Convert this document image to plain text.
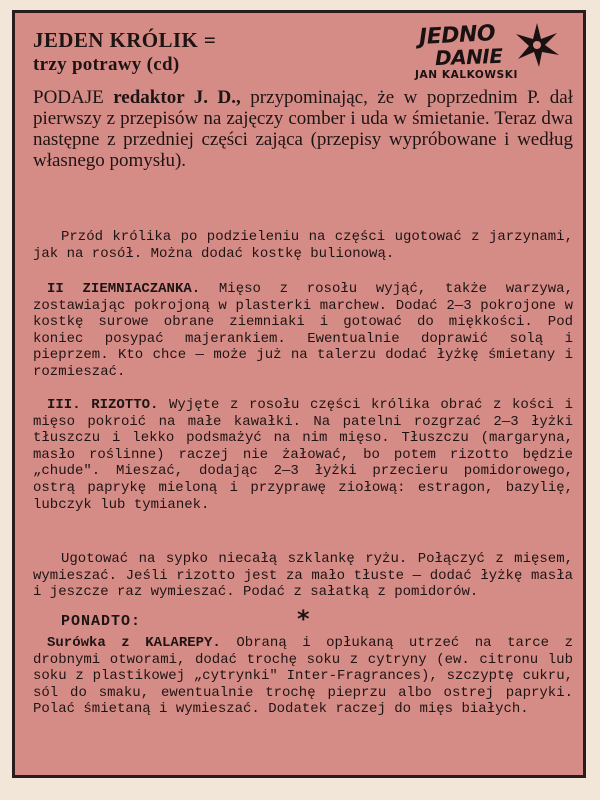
JEDEN KRÓLIK =
trzy potrawy (cd)
JEDNO
DANIE
JAN KALKOWSKI
PODAJE redaktor J. D., przypominając, że w poprzednim P. dał pierwszy z przepisów na zajęczy comber i uda w śmietanie. Teraz dwa następne z przedniej części zająca (przepisy wypróbowane i według własnego pomysłu).
Przód królika po podzieleniu na części ugotować z jarzynami, jak na rosół. Można dodać kostkę bulionową.
II ZIEMNIACZANKA. Mięso z rosołu wyjąć, także warzywa, zostawiając pokrojoną w plasterki marchew. Dodać 2—3 pokrojone w kostkę surowe obrane ziemniaki i gotować do miękkości. Pod koniec posypać majerankiem. Ewentualnie doprawić solą i pieprzem. Kto chce — może już na talerzu dodać łyżkę śmietany i rozmieszać.
III. RIZOTTO. Wyjęte z rosołu części królika obrać z kości i mięso pokroić na małe kawałki. Na patelni rozgrzać 2—3 łyżki tłuszczu i lekko podsmażyć na nim mięso. Tłuszczu (margaryna, masło roślinne) raczej nie żałować, bo potem rizotto będzie „chude". Mieszać, dodając 2—3 łyżki przecieru pomidorowego, ostrą paprykę mieloną i przyprawę ziołową: estragon, bazylię, lubczyk lub tymianek.
Ugotować na sypko niecałą szklankę ryżu. Połączyć z mięsem, wymieszać. Jeśli rizotto jest za mało tłuste — dodać łyżkę masła i jeszcze raz wymieszać. Podać z sałatką z pomidorów.
PONADTO:	*
Surówka z KALAREPY. Obraną i opłukaną utrzeć na tarce z drobnymi otworami, dodać trochę soku z cytryny (ew. citronu lub soku z plastikowej „cytrynki" Inter-Fragrances), szczyptę cukru, sól do smaku, ewentualnie trochę pieprzu albo ostrej papryki. Polać śmietaną i wymieszać. Dodatek raczej do mięs białych.
